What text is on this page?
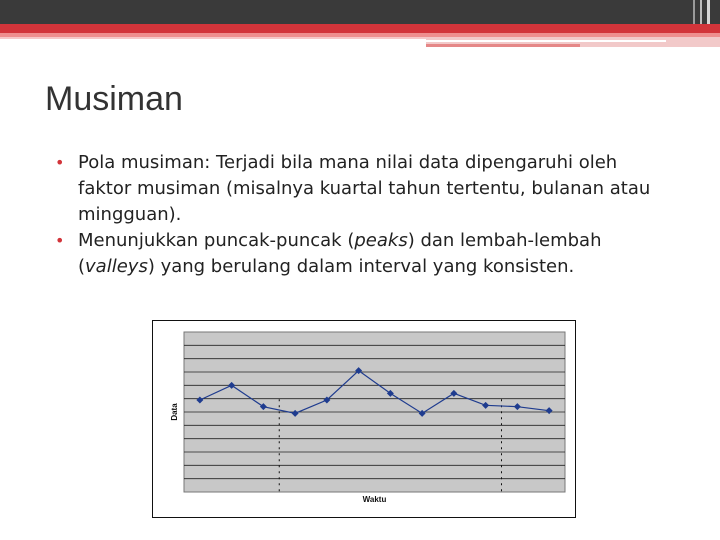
Musiman
• Pola musiman: Terjadi bila mana nilai data dipengaruhi oleh faktor musiman (misalnya kuartal tahun tertentu, bulanan atau mingguan).
• Menunjukkan puncak-puncak (peaks) dan lembah-lembah (valleys) yang berulang dalam interval yang konsisten.
Waktu
Data
